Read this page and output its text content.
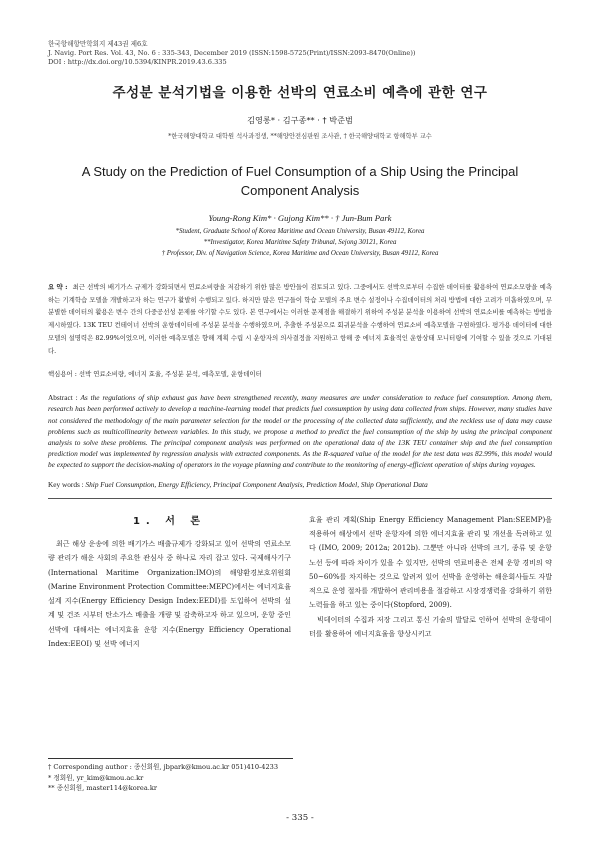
한국항해항만학회지 제43권 제6호
J. Navig. Port Res. Vol. 43, No. 6 : 335-343, December 2019 (ISSN:1598-5725(Print)/ISSN:2093-8470(Online))
DOI : http://dx.doi.org/10.5394/KINPR.2019.43.6.335
주성분 분석기법을 이용한 선박의 연료소비 예측에 관한 연구
김영롱* · 김구종** · † 박준범
*한국해양대학교 대학원 석사과정생, **해양안전심판원 조사관, † 한국해양대학교 항해학부 교수
A Study on the Prediction of Fuel Consumption of a Ship Using the Principal Component Analysis
Young-Rong Kim* · Gujong Kim** · † Jun-Bum Park
*Student, Graduate School of Korea Maritime and Ocean University, Busan 49112, Korea
**Investigator, Korea Maritime Safety Tribunal, Sejong 30121, Korea
† Professor, Div. of Navigation Science, Korea Maritime and Ocean University, Busan 49112, Korea
요 약 : 최근 선박의 배기가스 규제가 강화되면서 연료소비량을 저감하기 위한 많은 방안들이 검토되고 있다. 그중에서도 선박으로부터 수집한 데이터를 활용하여 연료소모량을 예측하는 기계학습 모델을 개발하고자 하는 연구가 활발히 수행되고 있다. 하지만 많은 연구들이 학습 모델의 주요 변수 설정이나 수집데이터의 처리 방법에 대한 고려가 미흡하였으며, 무분별한 데이터의 활용은 변수 간의 다중공선성 문제를 야기할 수도 있다. 본 연구에서는 이러한 문제점을 해결하기 위하여 주성분 분석을 이용하여 선박의 연료소비를 예측하는 방법을 제시하였다. 13K TEU 컨테이너 선박의 운항데이터에 주성분 분석을 수행하였으며, 추출한 주성분으로 회귀분석을 수행하여 연료소비 예측모델을 구현하였다. 평가용 데이터에 대한 모델의 설명력은 82.99%이었으며, 이러한 예측모델은 향해 계획 수립 시 운항자의 의사결정을 지원하고 항해 중 에너지 효율적인 운항상태 모니터링에 기여할 수 있을 것으로 기대된다.
핵심용어 : 선박 연료소비량, 에너지 효율, 주성분 분석, 예측모델, 운항데이터
Abstract : As the regulations of ship exhaust gas have been strengthened recently, many measures are under consideration to reduce fuel consumption. Among them, research has been performed actively to develop a machine-learning model that predicts fuel consumption by using data collected from ships. However, many studies have not considered the methodology of the main parameter selection for the model or the processing of the collected data sufficiently, and the reckless use of data may cause problems such as multicollinearity between variables. In this study, we propose a method to predict the fuel consumption of the ship by using the principal component analysis to solve these problems. The principal component analysis was performed on the operational data of the 13K TEU container ship and the fuel consumption prediction model was implemented by regression analysis with extracted components. As the R-squared value of the model for the test data was 82.99%, this model would be expected to support the decision-making of operators in the voyage planning and contribute to the monitoring of energy-efficient operation of ships during voyages.
Key words : Ship Fuel Consumption, Energy Efficiency, Principal Component Analysis, Prediction Model, Ship Operational Data
1. 서 론

최근 해상 운송에 의한 배기가스 배출규제가 강화되고 있어 선박의 연료소모량 관리가 해운 사회의 주요한 관심사 중 하나로 자리 잡고 있다. 국제해사기구(International Maritime Organization:IMO)의 해양환경보호위원회(Marine Environment Protection Committee:MEPC)에서는 에너지효율 설계 지수(Energy Efficiency Design Index:EEDI)를 도입하여 선박의 설계 및 건조 시부터 탄소가스 배출을 개량 및 감축하고자 하고 있으며, 운항 중인 선박에 대해서는 에너지효율 운항 지수(Energy Efficiency Operational Index:EEOI) 및 선박 에너지

효율 관리 계획(Ship Energy Efficiency Management Plan:SEEMP)을 적용하여 해상에서 선박 운항자에 의한 에너지효율 관리 및 개선을 독려하고 있다 (IMO, 2009; 2012a; 2012b). 그뿐만 아니라 선박의 크기, 종류 및 운항 노선 등에 따라 차이가 있을 수 있지만, 선박의 연료비용은 전체 운항 경비의 약 50~60%를 차지하는 것으로 알려져 있어 선박을 운영하는 해운회사들도 자발적으로 운영 절차를 개발하여 관리비용을 절감하고 시장경쟁력을 강화하기 위한 노력들을 하고 있는 중이다(Stopford, 2009).

빅데이터의 수집과 저장 그리고 통신 기술의 발달로 인하여 선박의 운항데이터를 활용하여 에너지효율을 향상시키고

† Corresponding author : 종신회원, jbpark@kmou.ac.kr 051)410-4233
* 정회원, yr_kim@kmou.ac.kr
** 종신회원, master114@korea.kr
- 335 -
